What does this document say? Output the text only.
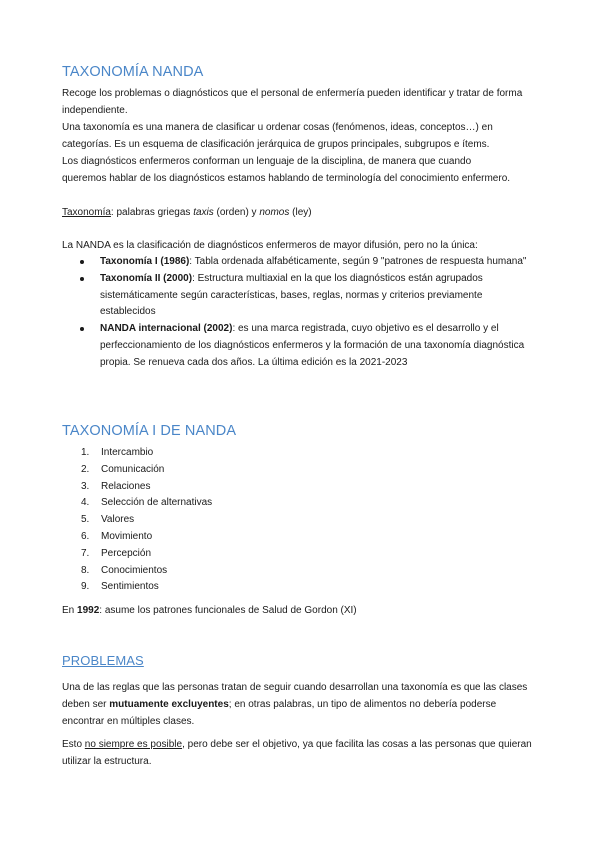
TAXONOMÍA NANDA

Recoge los problemas o diagnósticos que el personal de enfermería pueden identificar y tratar de forma independiente.

Una taxonomía es una manera de clasificar u ordenar cosas (fenómenos, ideas, conceptos…) en categorías. Es un esquema de clasificación jerárquica de grupos principales, subgrupos e ítems.

Los diagnósticos enfermeros conforman un lenguaje de la disciplina, de manera que cuando queremos hablar de los diagnósticos estamos hablando de terminología del conocimiento enfermero.

Taxonomía: palabras griegas taxis (orden) y nomos (ley)

La NANDA es la clasificación de diagnósticos enfermeros de mayor difusión, pero no la única:

Taxonomía I (1986): Tabla ordenada alfabéticamente, según 9 "patrones de respuesta humana"
Taxonomía II (2000): Estructura multiaxial en la que los diagnósticos están agrupados sistemáticamente según características, bases, reglas, normas y criterios previamente establecidos
NANDA internacional (2002): es una marca registrada, cuyo objetivo es el desarrollo y el perfeccionamiento de los diagnósticos enfermeros y la formación de una taxonomía diagnóstica propia. Se renueva cada dos años. La última edición es la 2021-2023
TAXONOMÍA I DE NANDA
1. Intercambio
2. Comunicación
3. Relaciones
4. Selección de alternativas
5. Valores
6. Movimiento
7. Percepción
8. Conocimientos
9. Sentimientos

En 1992: asume los patrones funcionales de Salud de Gordon (XI)

PROBLEMAS

Una de las reglas que las personas tratan de seguir cuando desarrollan una taxonomía es que las clases deben ser mutuamente excluyentes; en otras palabras, un tipo de alimentos no debería poderse encontrar en múltiples clases.

Esto no siempre es posible, pero debe ser el objetivo, ya que facilita las cosas a las personas que quieran utilizar la estructura.
